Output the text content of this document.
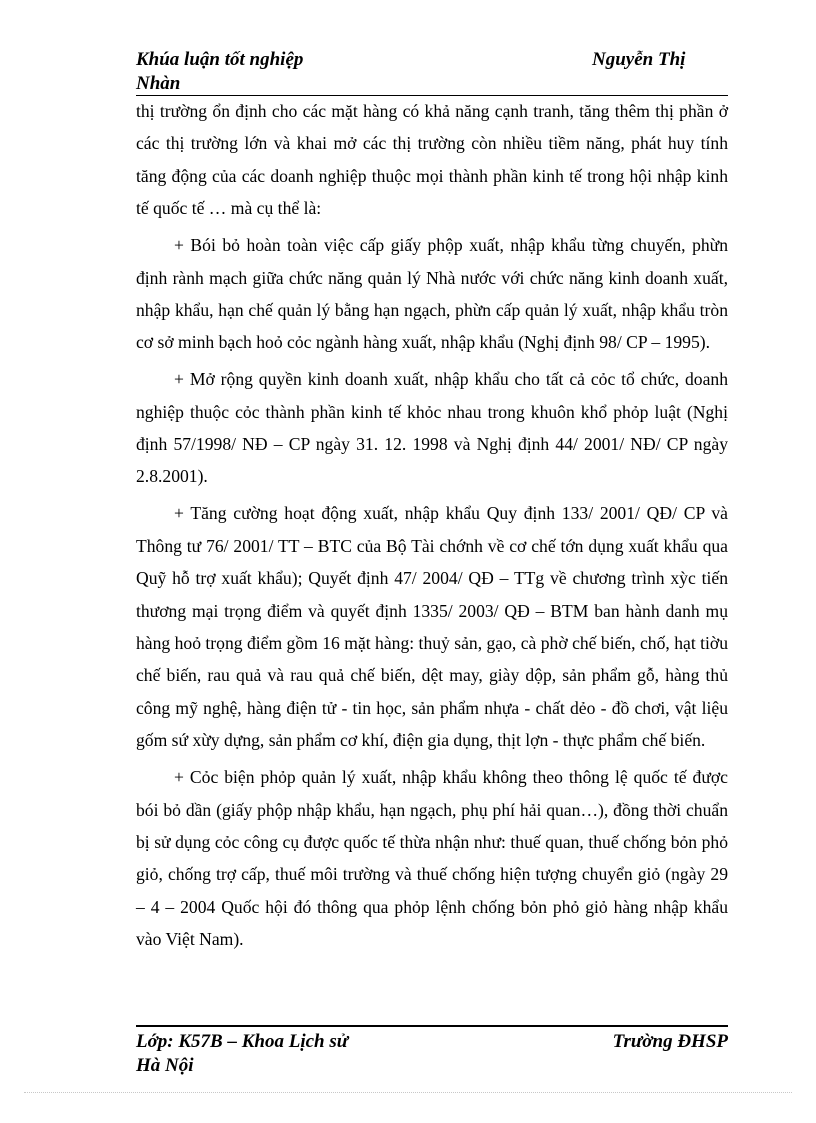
Khúa luận tốt nghiệp	Nguyễn Thị
Nhàn

thị trường ổn định cho các mặt hàng có khả năng cạnh tranh, tăng thêm thị phần ở các thị trường lớn và khai mở các thị trường còn nhiều tiềm năng, phát huy tính tăng động của các doanh nghiệp thuộc mọi thành phần kinh tế trong hội nhập kinh tế quốc tế … mà cụ thể là:

+ Bói bỏ hoàn toàn việc cấp giấy phộp xuất, nhập khẩu từng chuyến, phừn định rành mạch giữa chức năng quản lý Nhà nước với chức năng kinh doanh xuất, nhập khẩu, hạn chế quản lý bằng hạn ngạch, phừn cấp quản lý xuất, nhập khẩu tròn cơ sở minh bạch hoỏ cỏc ngành hàng xuất, nhập khẩu (Nghị định 98/ CP – 1995).

+ Mở rộng quyền kinh doanh xuất, nhập khẩu cho tất cả cỏc tổ chức, doanh nghiệp thuộc cỏc thành phần kinh tế khỏc nhau trong khuôn khổ phỏp luật (Nghị định 57/1998/ NĐ – CP ngày 31. 12. 1998 và Nghị định 44/ 2001/ NĐ/ CP ngày 2.8.2001).

+ Tăng cường hoạt động xuất, nhập khẩu Quy định 133/ 2001/ QĐ/ CP và Thông tư 76/ 2001/ TT – BTC của Bộ Tài chớnh về cơ chế tớn dụng xuất khẩu qua Quỹ hỗ trợ xuất khẩu); Quyết định 47/ 2004/ QĐ – TTg về chương trình xỳc tiến thương mại trọng điểm và quyết định 1335/ 2003/ QĐ – BTM ban hành danh mụ hàng hoỏ trọng điểm gồm 16 mặt hàng: thuỷ sản, gạo, cà phờ chế biến, chố, hạt tiờu chế biến, rau quả và rau quả chế biến, dệt may, giày dộp, sản phẩm gỗ, hàng thủ công mỹ nghệ, hàng điện tử - tin học, sản phẩm nhựa - chất dẻo - đồ chơi, vật liệu gốm sứ xừy dựng, sản phẩm cơ khí, điện gia dụng, thịt lợn - thực phẩm chế biến.

+ Cỏc biện phỏp quản lý xuất, nhập khẩu không theo thông lệ quốc tế được bói bỏ dần (giấy phộp nhập khẩu, hạn ngạch, phụ phí hải quan…), đồng thời chuẩn bị sử dụng cỏc công cụ được quốc tế thừa nhận như: thuế quan, thuế chống bỏn phỏ giỏ, chống trợ cấp, thuế môi trường và thuế chống hiện tượng chuyển giỏ (ngày 29 – 4 – 2004 Quốc hội đó thông qua phỏp lệnh chống bỏn phỏ giỏ hàng nhập khẩu vào Việt Nam).

Lớp: K57B – Khoa Lịch sử	Trường ĐHSP
Hà Nội
